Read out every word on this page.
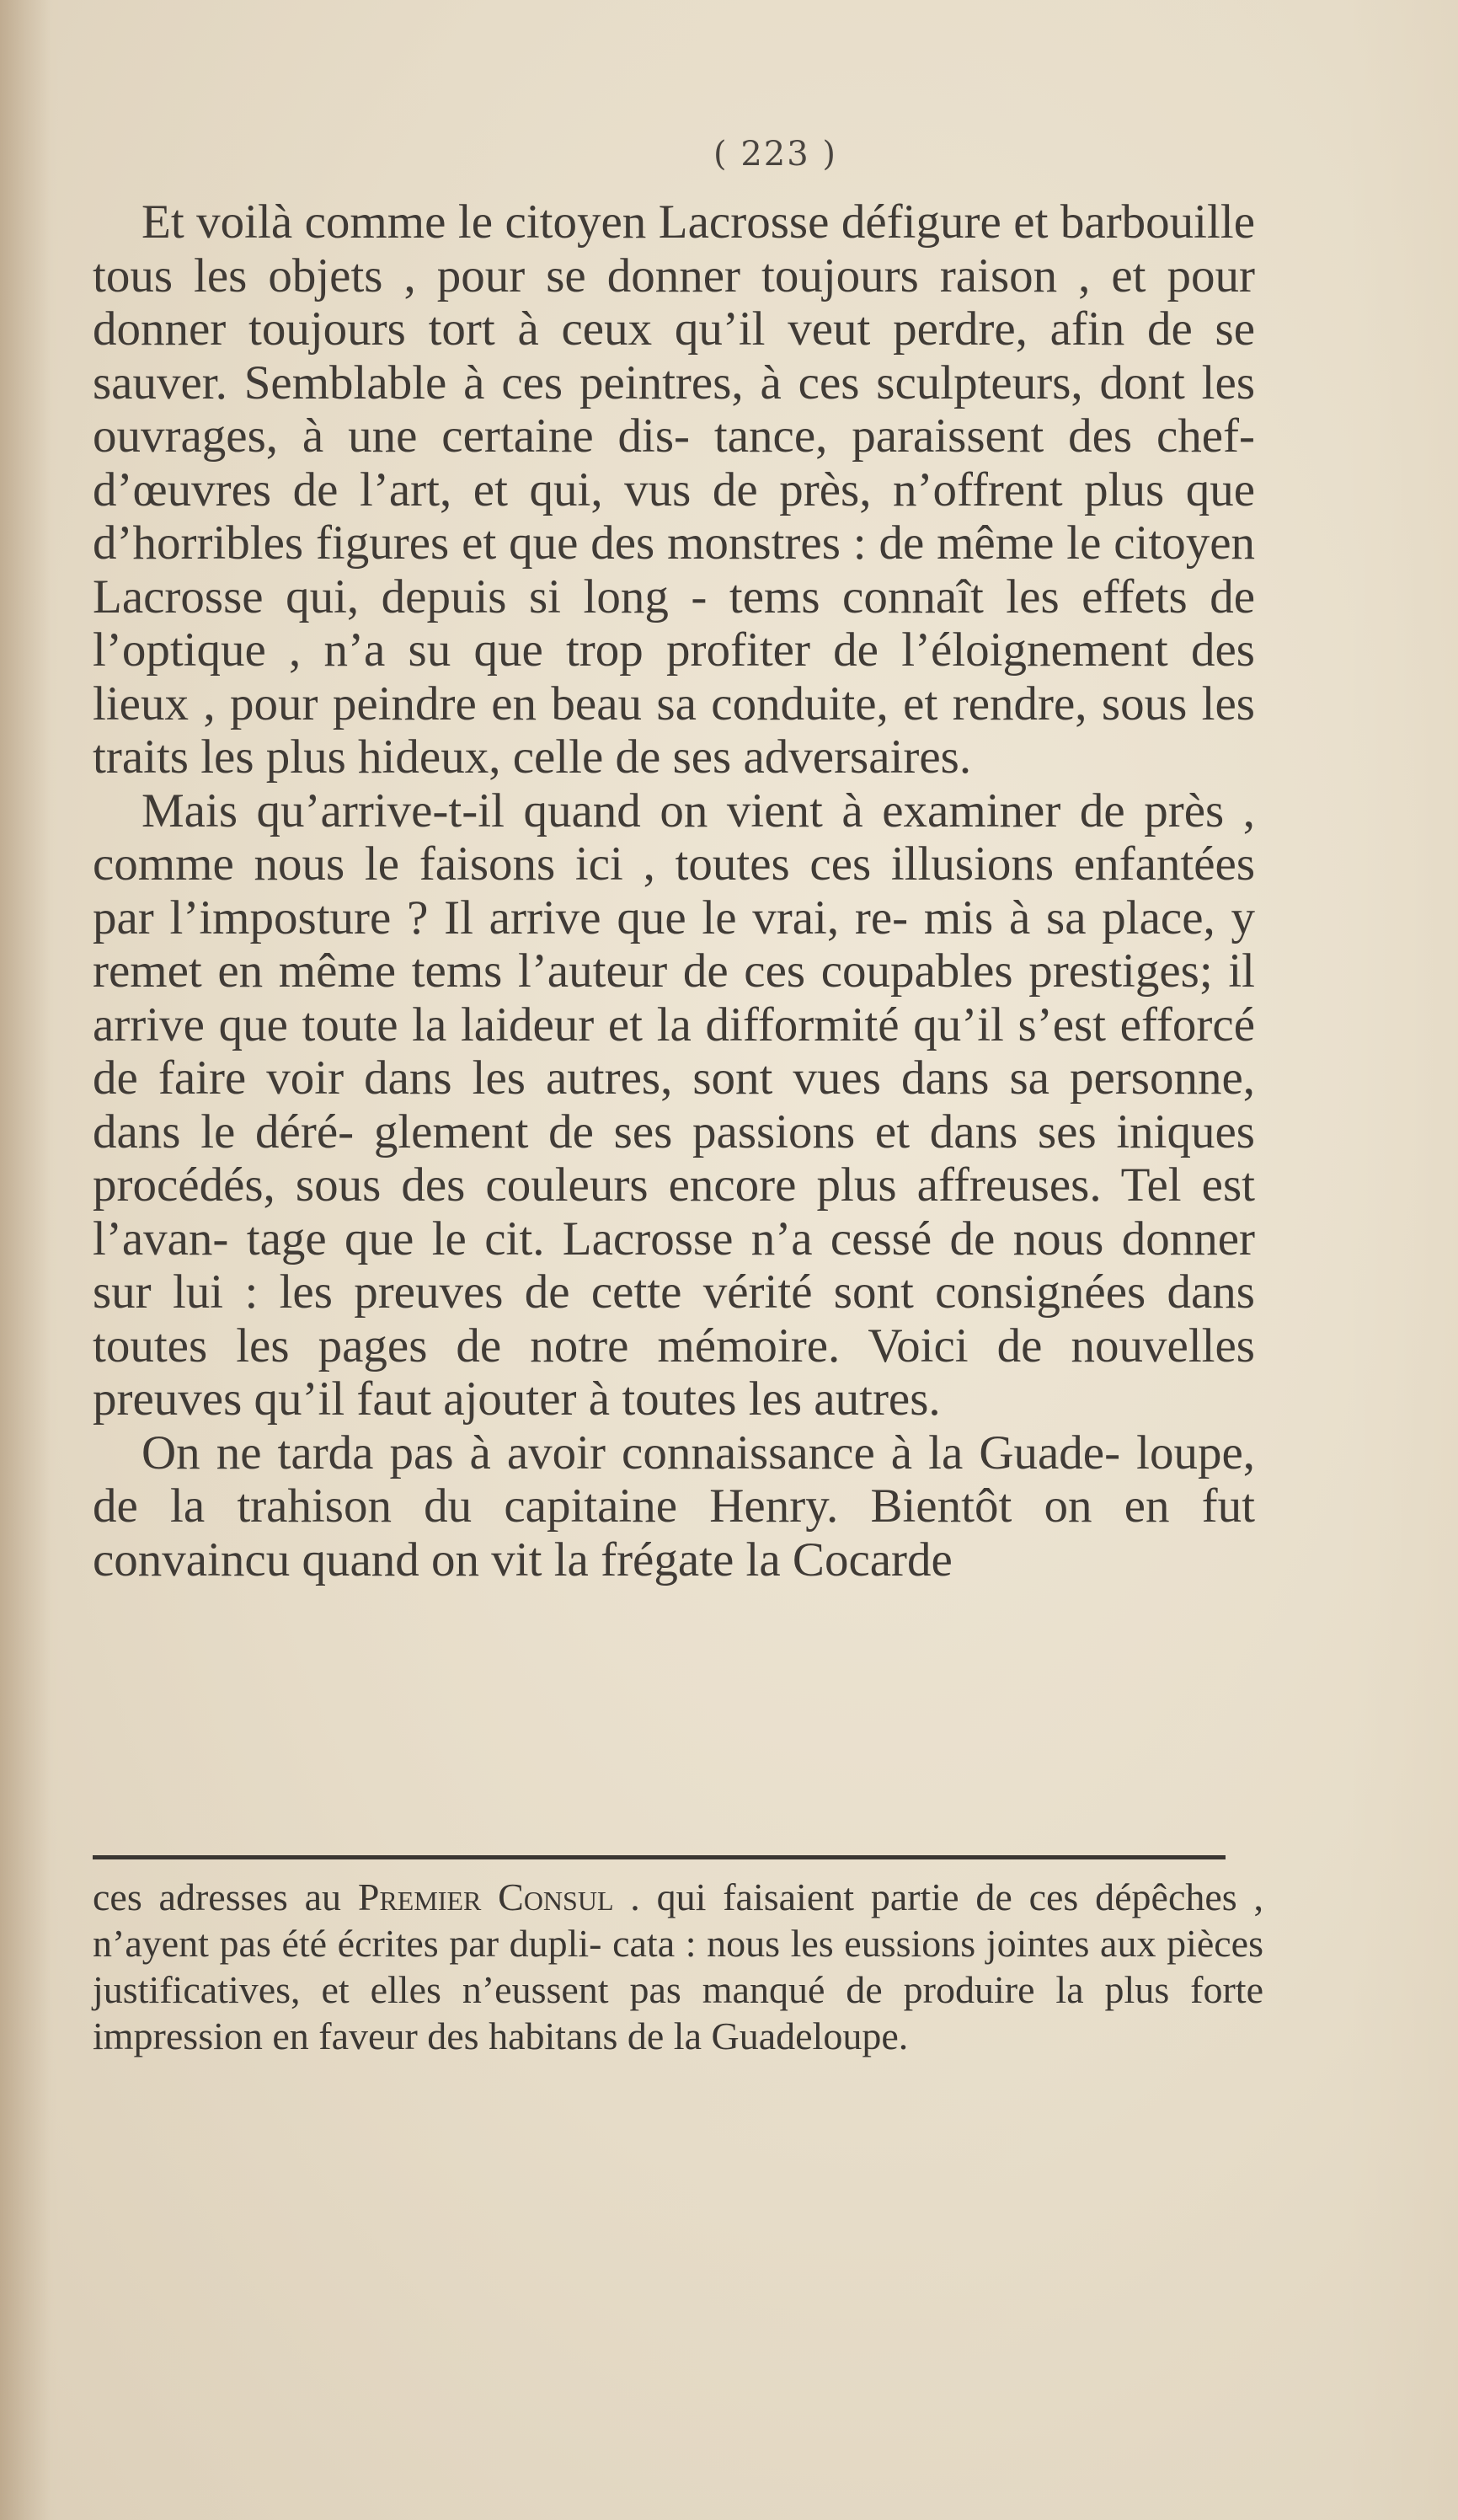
( 223 )

Et voilà comme le citoyen Lacrosse défigure et barbouille tous les objets , pour se donner toujours raison , et pour donner toujours tort à ceux qu’il veut perdre, afin de se sauver. Semblable à ces peintres, à ces sculpteurs, dont les ouvrages, à une certaine dis- tance, paraissent des chef- d’œuvres de l’art, et qui, vus de près, n’offrent plus que d’horribles figures et que des monstres : de même le citoyen Lacrosse qui, depuis si long - tems connaît les effets de l’optique , n’a su que trop profiter de l’éloignement des lieux , pour peindre en beau sa conduite, et rendre, sous les traits les plus hideux, celle de ses adversaires.

Mais qu’arrive-t-il quand on vient à examiner de près , comme nous le faisons ici , toutes ces illusions enfantées par l’imposture ? Il arrive que le vrai, re- mis à sa place, y remet en même tems l’auteur de ces coupables prestiges; il arrive que toute la laideur et la difformité qu’il s’est efforcé de faire voir dans les autres, sont vues dans sa personne, dans le déré- glement de ses passions et dans ses iniques procédés, sous des couleurs encore plus affreuses. Tel est l’avan- tage que le cit. Lacrosse n’a cessé de nous donner sur lui : les preuves de cette vérité sont consignées dans toutes les pages de notre mémoire. Voici de nouvelles preuves qu’il faut ajouter à toutes les autres.

On ne tarda pas à avoir connaissance à la Guade- loupe, de la trahison du capitaine Henry. Bientôt on en fut convaincu quand on vit la frégate la Cocarde

ces adresses au Premier Consul . qui faisaient partie de ces dépêches , n’ayent pas été écrites par dupli- cata : nous les eussions jointes aux pièces justificatives, et elles n’eussent pas manqué de produire la plus forte impression en faveur des habitans de la Guadeloupe.
